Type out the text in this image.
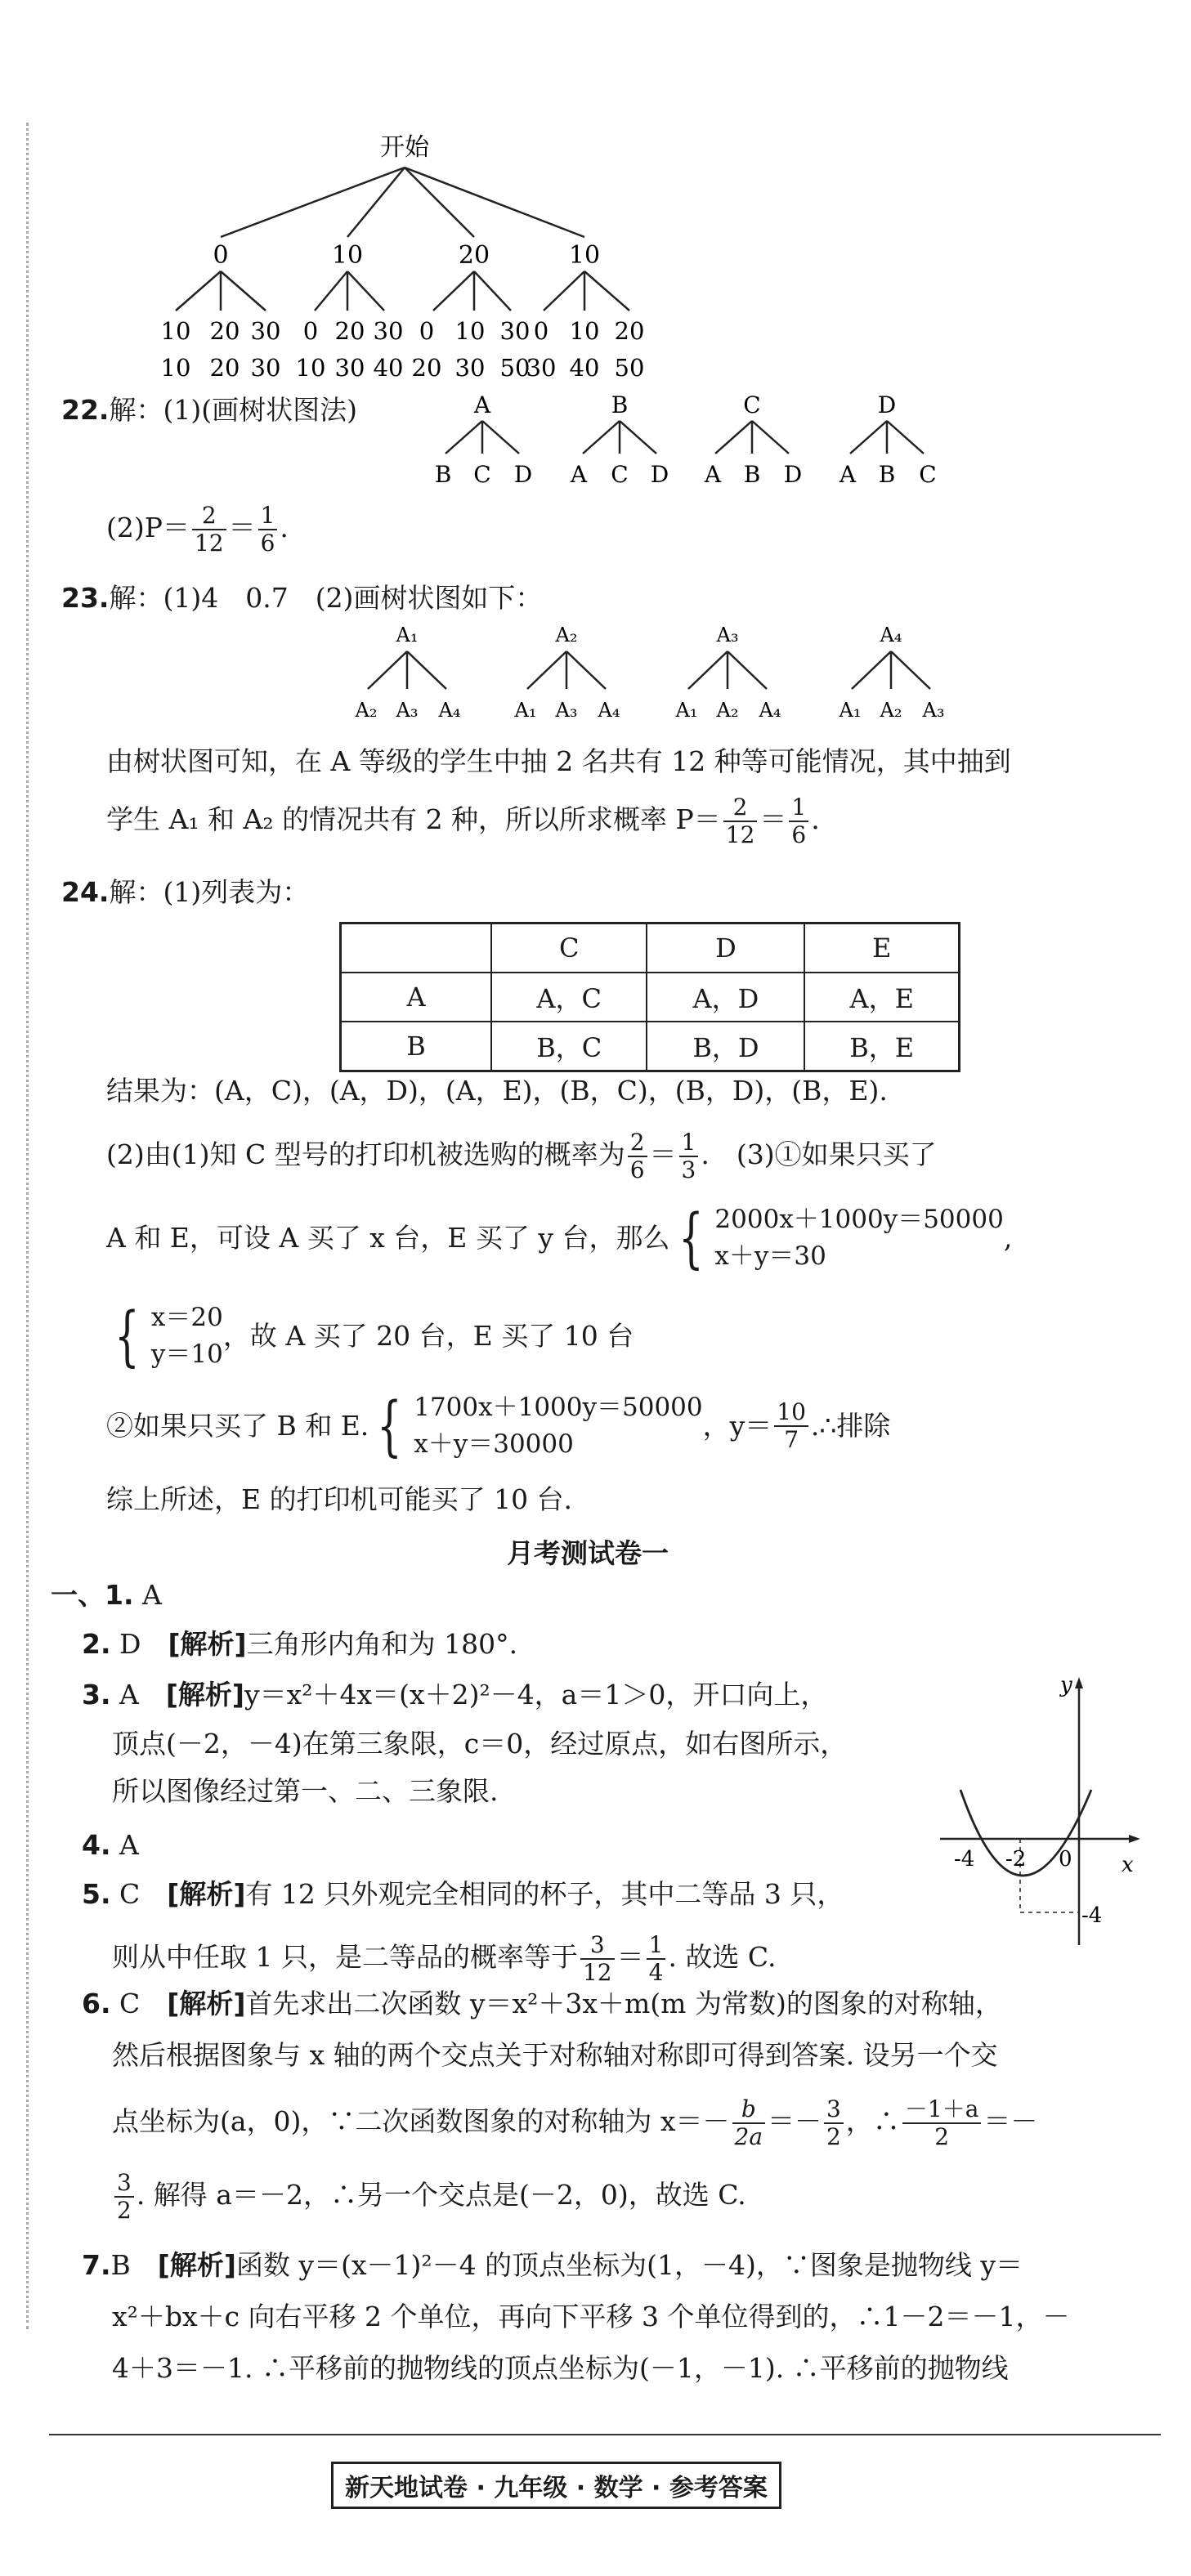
开始
0	10	20	10
10 20 30 0 20 30 0 10 30 0 10 20
10 20 30 10 30 40 20 30 50
30 40 50
22.解：(1)(画树状图法)	A
B C D
B
A C D
C
A B D
D
A B C
$(2)P= \frac{2}{12} = \frac{1}{6}$ .
23.解：(1)4　0.7　(2)画树状图如下：
A₁
A₂ A₃ A₄
A₂
A₁ A₃ A₄
A₃
A₁ A₂ A₄
A₄
A₁ A₂ A₃
由树状图可知，在 A 等级的学生中抽 2 名共有 12 种等可能情况，其中抽到
学生 A₁ 和 A₂ 的情况共有 2 种，所以所求概率 $P= \frac{2}{12} = \frac{1}{6}$ .
24.解：(1)列表为：
	C	D	E
A	A，C	A，D	A，E
B	B，C	B，D	B，E
结果为：(A，C)，(A，D)，(A，E)，(B，C)，(B，D)，(B，E).
(2)由(1)知 C 型号的打印机被选购的概率为 $\frac{2}{6} = \frac{1}{3}$ .　(3)①如果只买了
A 和 E，可设 A 买了 x 台，E 买了 y 台，那么 { 2000x＋1000y＝50000
x＋y＝30
,
{ x＝20
y＝10
，故 A 买了 20 台，E 买了 10 台
②如果只买了 B 和 E. { 1700x＋1000y＝50000
x＋y＝30000
，$y= \frac{10}{7}$ .∴排除
综上所述，E 的打印机可能买了 10 台.
月考测试卷一
一、1. A
2. D　 [解析]三角形内角和为 180°.
3. A　 [解析]y＝x²＋4x＝(x＋2)²－4，a＝1＞0，开口向上，
顶点(－2，－4)在第三象限，c＝0，经过原点，如右图所示，
所以图像经过第一、二、三象限.
4. A
5. C　 [解析]有 12 只外观完全相同的杯子，其中二等品 3 只，
则从中任取 1 只，是二等品的概率等于 $\frac{3}{12} = \frac{1}{4}$ . 故选 C.
y
x
-4 -2 0
-4
6. C　 [解析]首先求出二次函数 y＝x²＋3x＋m(m 为常数)的图象的对称轴，
然后根据图象与 x 轴的两个交点关于对称轴对称即可得到答案. 设另一个交
点坐标为(a，0)，∵二次函数图象的对称轴为 $x=- \frac{b}{2a} =- \frac{3}{2}$ ，∴ $\frac{-1+a}{2}$ ＝－
$\frac{3}{2}$ . 解得 a＝－2，∴另一个交点是(－2，0)，故选 C.
7.B　 [解析]函数 y＝(x－1)²－4 的顶点坐标为(1，－4)，∵图象是抛物线 y＝
x²＋bx＋c 向右平移 2 个单位，再向下平移 3 个单位得到的，∴1－2＝－1，－
4＋3＝－1. ∴平移前的抛物线的顶点坐标为(－1，－1). ∴平移前的抛物线
新天地试卷 · 九年级 · 数学 · 参考答案
